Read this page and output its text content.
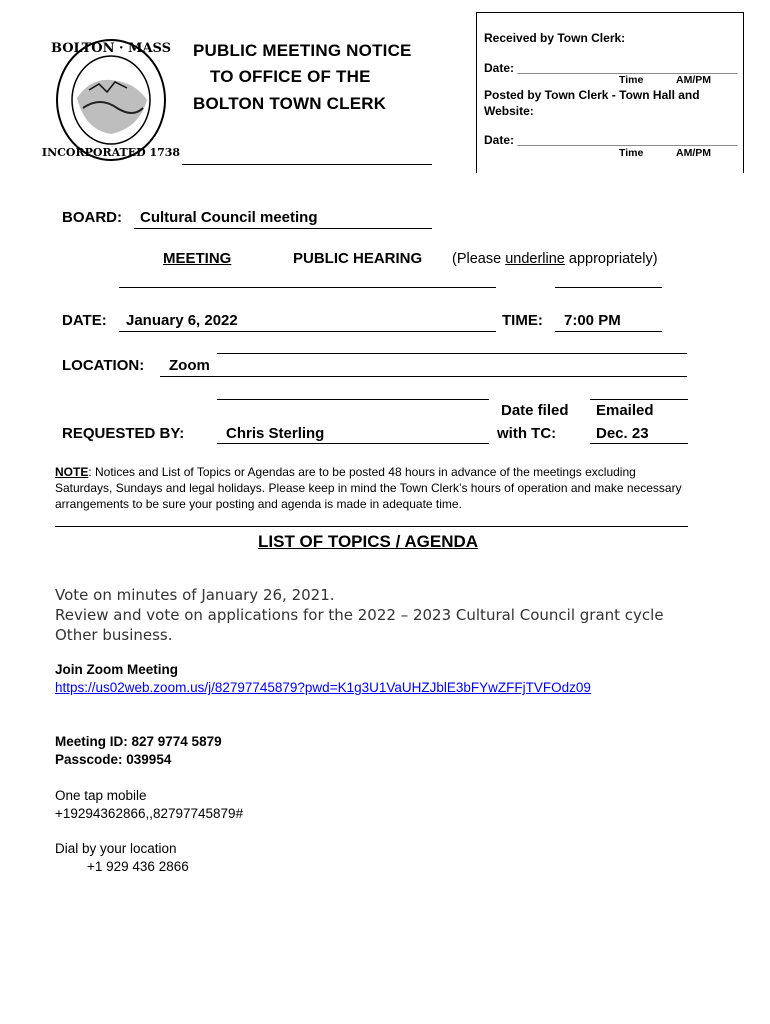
BOLTON · MASS
INCORPORATED 1738
PUBLIC MEETING NOTICE
TO OFFICE OF THE
BOLTON TOWN CLERK
Received by Town Clerk:
Date: _________________________________
Time	AM/PM
Posted by Town Clerk - Town Hall and
Website:
Date: _________________________________
Time	AM/PM
BOARD: Cultural Council meeting
MEETING	PUBLIC HEARING (Please underline appropriately)
DATE: January 6, 2022	TIME: 7:00 PM
LOCATION: Zoom
Date filed Emailed
REQUESTED BY:	Chris Sterling	with TC:	Dec. 23
NOTE: Notices and List of Topics or Agendas are to be posted 48 hours in advance of the meetings excluding Saturdays, Sundays and legal holidays. Please keep in mind the Town Clerk’s hours of operation and make necessary arrangements to be sure your posting and agenda is made in adequate time.
LIST OF TOPICS / AGENDA
Vote on minutes of January 26, 2021.
Review and vote on applications for the 2022 – 2023 Cultural Council grant cycle
Other business.
Join Zoom Meeting
https://us02web.zoom.us/j/82797745879?pwd=K1g3U1VaUHZJblE3bFYwZFFjTVFOdz09
Meeting ID: 827 9774 5879
Passcode: 039954
One tap mobile
+19294362866,,82797745879#
Dial by your location
+1 929 436 2866
